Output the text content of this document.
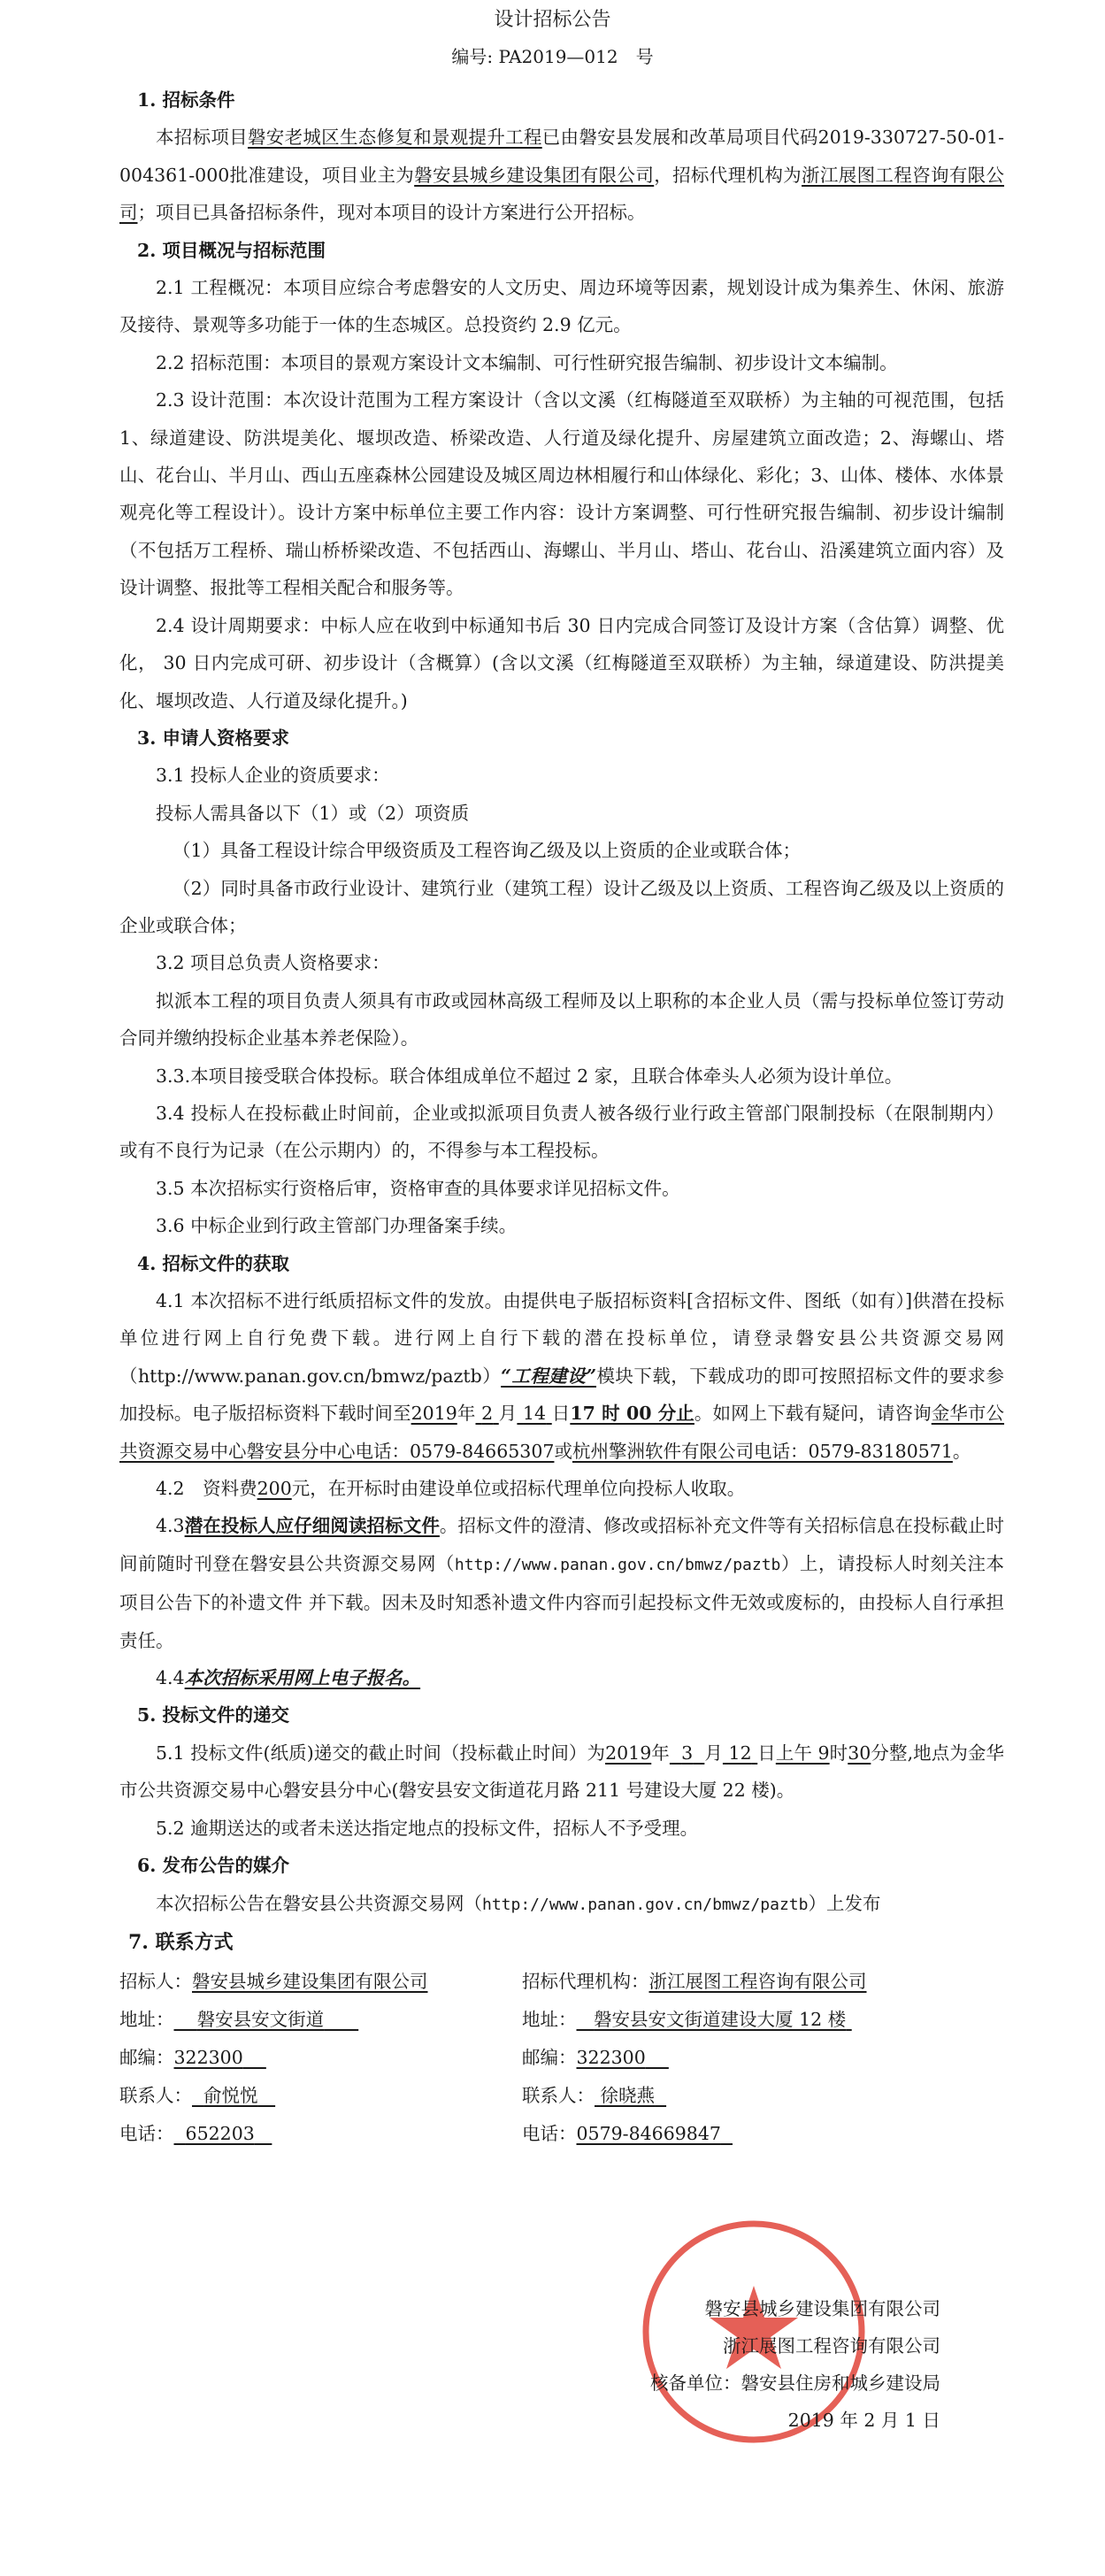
设计招标公告
编号: PA2019—012　号

1. 招标条件

本招标项目磐安老城区生态修复和景观提升工程已由磐安县发展和改革局项目代码2019-330727-50-01-004361-000批准建设，项目业主为磐安县城乡建设集团有限公司，招标代理机构为浙江展图工程咨询有限公司；项目已具备招标条件，现对本项目的设计方案进行公开招标。

2. 项目概况与招标范围

2.1 工程概况：本项目应综合考虑磐安的人文历史、周边环境等因素，规划设计成为集养生、休闲、旅游及接待、景观等多功能于一体的生态城区。总投资约 2.9 亿元。

2.2 招标范围：本项目的景观方案设计文本编制、可行性研究报告编制、初步设计文本编制。

2.3 设计范围：本次设计范围为工程方案设计（含以文溪（红梅隧道至双联桥）为主轴的可视范围，包括 1、绿道建设、防洪堤美化、堰坝改造、桥梁改造、人行道及绿化提升、房屋建筑立面改造；2、海螺山、塔山、花台山、半月山、西山五座森林公园建设及城区周边林相履行和山体绿化、彩化；3、山体、楼体、水体景观亮化等工程设计）。设计方案中标单位主要工作内容：设计方案调整、可行性研究报告编制、初步设计编制（不包括万工程桥、瑞山桥桥梁改造、不包括西山、海螺山、半月山、塔山、花台山、沿溪建筑立面内容）及设计调整、报批等工程相关配合和服务等。

2.4 设计周期要求：中标人应在收到中标通知书后 30 日内完成合同签订及设计方案（含估算）调整、优化， 30 日内完成可研、初步设计（含概算）(含以文溪（红梅隧道至双联桥）为主轴，绿道建设、防洪提美化、堰坝改造、人行道及绿化提升。)

3. 申请人资格要求

3.1 投标人企业的资质要求：

投标人需具备以下（1）或（2）项资质

（1）具备工程设计综合甲级资质及工程咨询乙级及以上资质的企业或联合体；

（2）同时具备市政行业设计、建筑行业（建筑工程）设计乙级及以上资质、工程咨询乙级及以上资质的企业或联合体；

3.2 项目总负责人资格要求：

拟派本工程的项目负责人须具有市政或园林高级工程师及以上职称的本企业人员（需与投标单位签订劳动合同并缴纳投标企业基本养老保险）。

3.3.本项目接受联合体投标。联合体组成单位不超过 2 家，且联合体牵头人必须为设计单位。

3.4 投标人在投标截止时间前，企业或拟派项目负责人被各级行业行政主管部门限制投标（在限制期内）或有不良行为记录（在公示期内）的，不得参与本工程投标。

3.5 本次招标实行资格后审，资格审查的具体要求详见招标文件。

3.6 中标企业到行政主管部门办理备案手续。

4. 招标文件的获取

4.1 本次招标不进行纸质招标文件的发放。由提供电子版招标资料[含招标文件、图纸（如有）]供潜在投标单位进行网上自行免费下载。进行网上自行下载的潜在投标单位，请登录磐安县公共资源交易网（http://www.panan.gov.cn/bmwz/paztb）“工程建设”模块下载，下载成功的即可按照招标文件的要求参加投标。电子版招标资料下载时间至2019年 2 月 14 日17 时 00 分止。如网上下载有疑问，请咨询金华市公共资源交易中心磐安县分中心电话：0579-84665307或杭州擎洲软件有限公司电话：0579-83180571。

4.2　资料费200元，在开标时由建设单位或招标代理单位向投标人收取。

4.3潜在投标人应仔细阅读招标文件。招标文件的澄清、修改或招标补充文件等有关招标信息在投标截止时间前随时刊登在磐安县公共资源交易网（http://www.panan.gov.cn/bmwz/paztb）上，请投标人时刻关注本项目公告下的补遗文件 并下载。因未及时知悉补遗文件内容而引起投标文件无效或废标的，由投标人自行承担责任。

4.4本次招标采用网上电子报名。

5. 投标文件的递交

5.1 投标文件(纸质)递交的截止时间（投标截止时间）为2019年 3 月 12 日上午 9时30分整,地点为金华市公共资源交易中心磐安县分中心(磐安县安文街道花月路 211 号建设大厦 22 楼)。

5.2 逾期送达的或者未送达指定地点的投标文件，招标人不予受理。

6. 发布公告的媒介

本次招标公告在磐安县公共资源交易网（http://www.panan.gov.cn/bmwz/paztb）上发布

7. 联系方式

招标人：磐安县城乡建设集团有限公司	招标代理机构：浙江展图工程咨询有限公司
地址： 磐安县安文街道	地址： 磐安县安文街道建设大厦 12 楼
邮编：322300	邮编：322300
联系人： 俞悦悦	联系人： 徐晓燕
电话： 652203	电话：0579-84669847
磐安县城乡建设集团有限公司
浙江展图工程咨询有限公司
核备单位：磐安县住房和城乡建设局
2019 年 2 月 1 日
